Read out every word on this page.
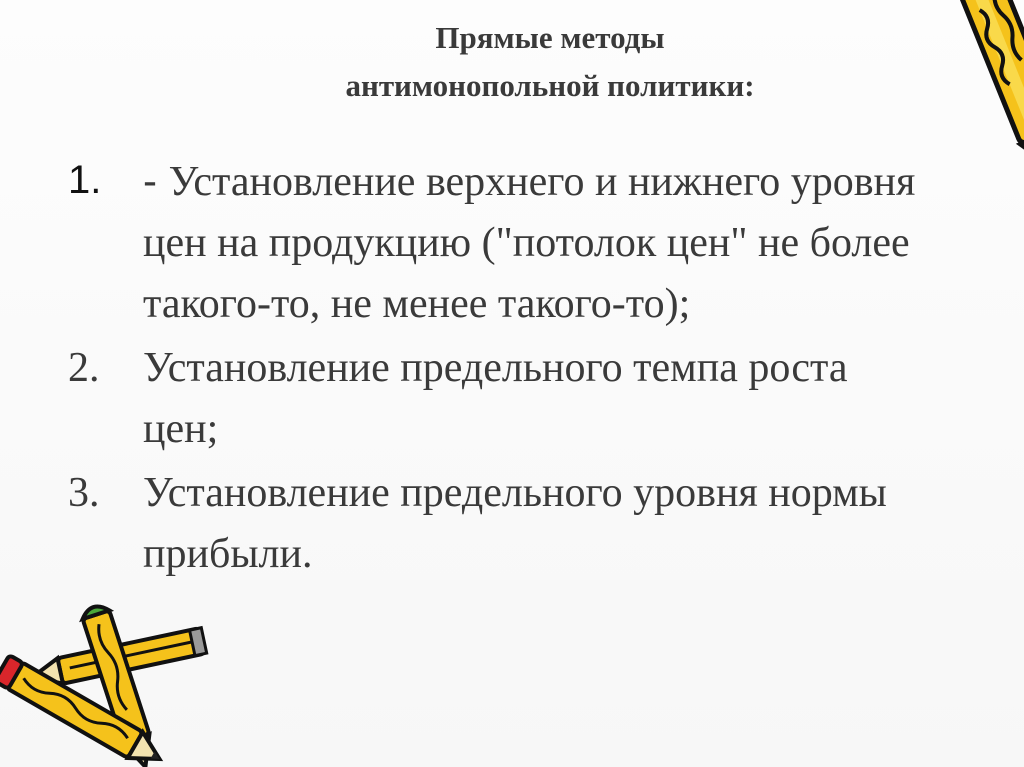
Прямые методы
антимонопольной политики:
1. - Установление верхнего и нижнего уровня
цен на продукцию ("потолок цен" не более
такого-то, не менее такого-то);
2. Установление предельного темпа роста
цен;
3. Установление предельного уровня нормы
прибыли.
